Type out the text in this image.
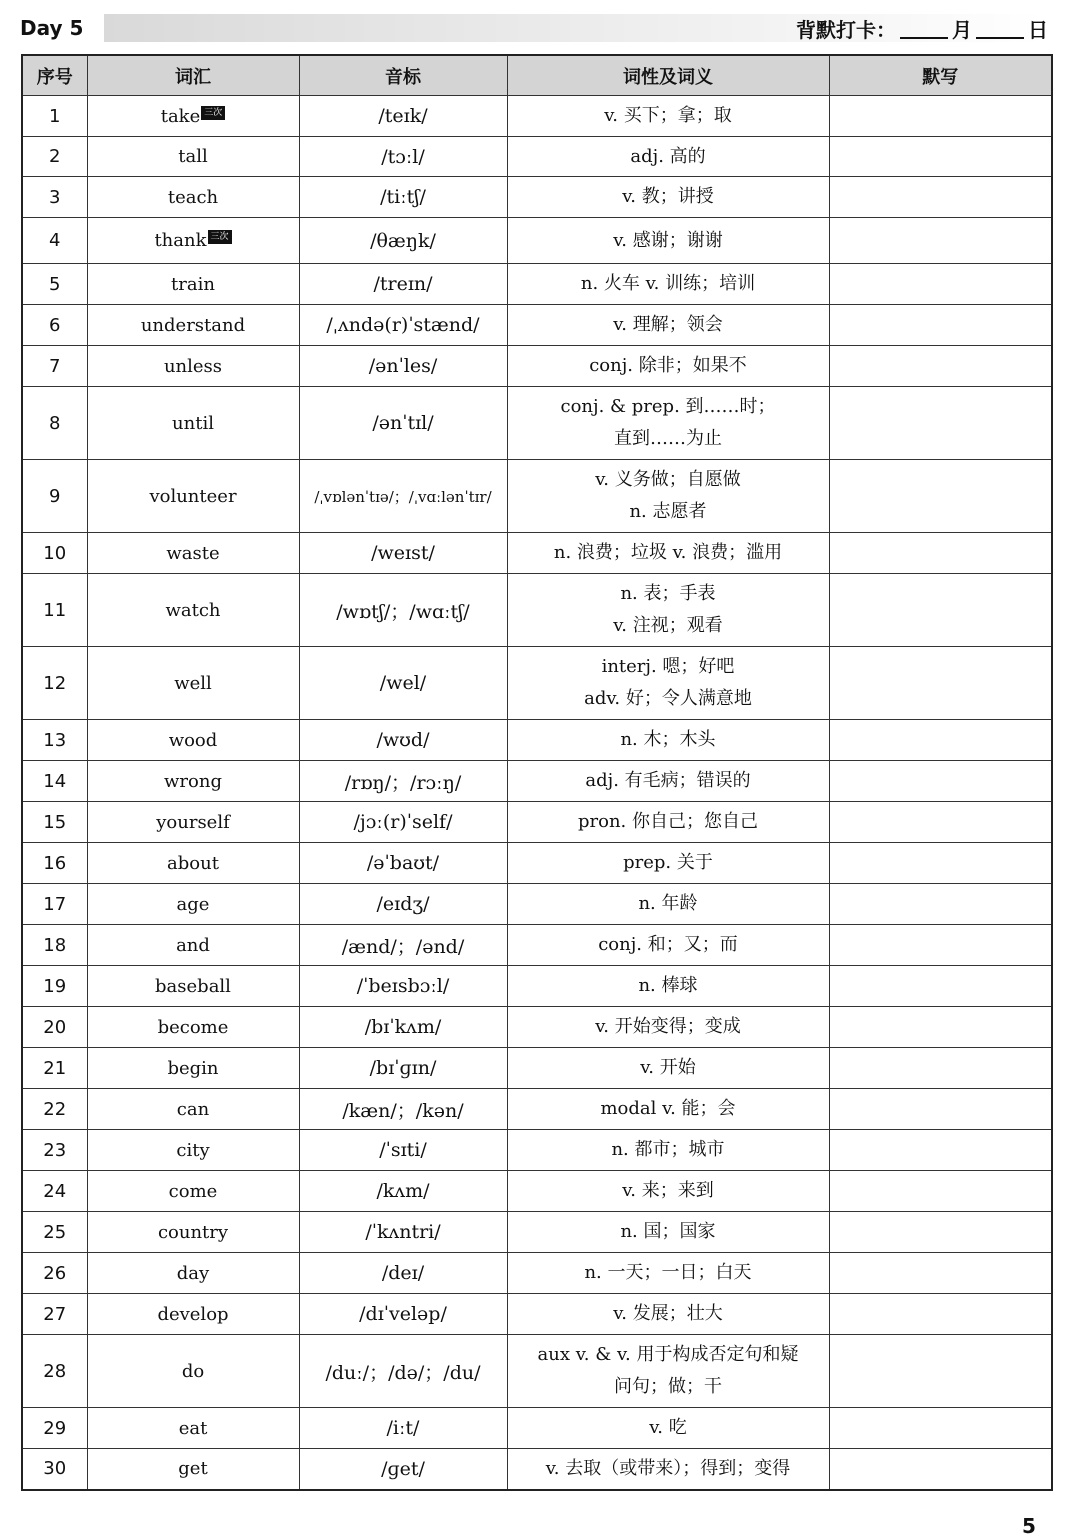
Day 5	背默打卡：	月	日
序号	词汇	音标	词性及词义	默写
1	take 三次	/teɪk/	v. 买下；拿；取	

2	tall	/tɔːl/	adj. 高的	

3	teach	/tiːtʃ/	v. 教；讲授	

4	thank 三次	/θæŋk/	v. 感谢；谢谢	

5	train	/treɪn/	n. 火车 v. 训练；培训	

6	understand	/ˌʌndə(r)ˈstænd/	v. 理解；领会	

7	unless	/ənˈles/	conj. 除非；如果不	

8	until	/ənˈtɪl/	conj. & prep. 到……时；
直到……为止	

9	volunteer	/ˌvɒlənˈtɪə/；/ˌvɑːlənˈtɪr/	v. 义务做；自愿做
n. 志愿者	

10	waste	/weɪst/	n. 浪费；垃圾 v. 浪费；滥用	

11	watch	/wɒtʃ/；/wɑːtʃ/	n. 表；手表
v. 注视；观看	

12	well	/wel/	interj. 嗯；好吧
adv. 好；令人满意地	

13	wood	/wʊd/	n. 木；木头	

14	wrong	/rɒŋ/；/rɔːŋ/	adj. 有毛病；错误的	

15	yourself	/jɔː(r)ˈself/	pron. 你自己；您自己	

16	about	/əˈbaʊt/	prep. 关于	

17	age	/eɪdʒ/	n. 年龄	

18	and	/ænd/；/ənd/	conj. 和；又；而	

19	baseball	/ˈbeɪsbɔːl/	n. 棒球	

20	become	/bɪˈkʌm/	v. 开始变得；变成	

21	begin	/bɪˈɡɪn/	v. 开始	

22	can	/kæn/；/kən/	modal v. 能；会	

23	city	/ˈsɪti/	n. 都市；城市	

24	come	/kʌm/	v. 来；来到	

25	country	/ˈkʌntri/	n. 国；国家	

26	day	/deɪ/	n. 一天；一日；白天	

27	develop	/dɪˈveləp/	v. 发展；壮大	

28	do	/duː/；/də/；/du/	aux v. & v. 用于构成否定句和疑
问句；做；干	

29	eat	/iːt/	v. 吃	

30	get	/ɡet/	v. 去取（或带来）；得到；变得	

5
